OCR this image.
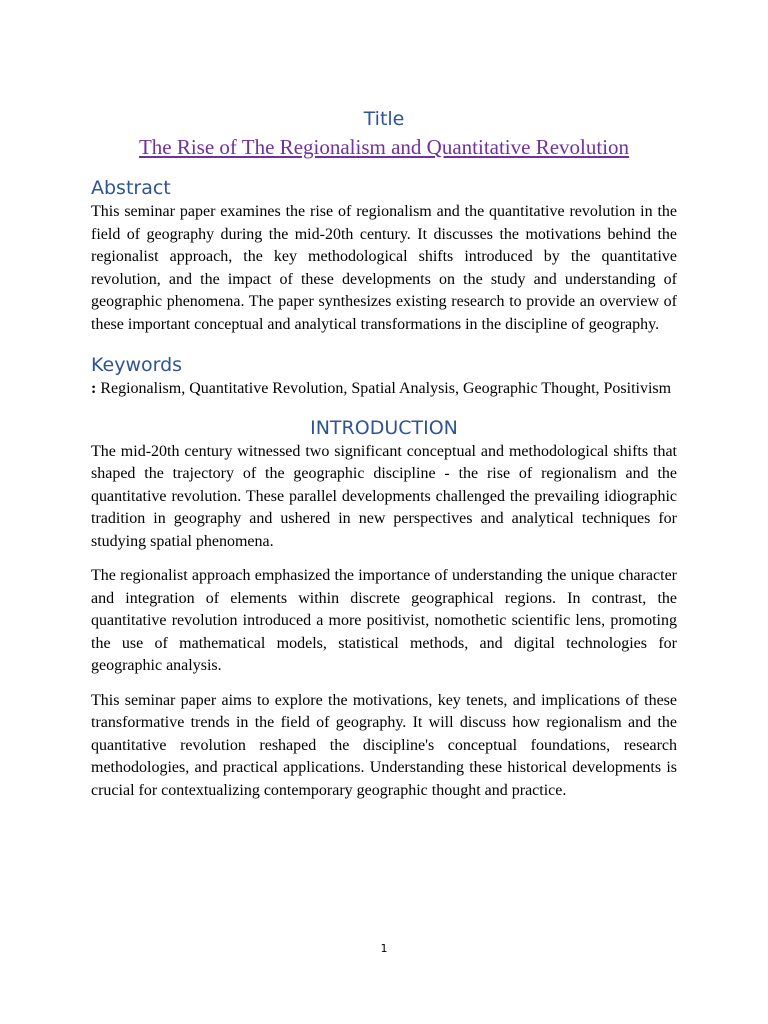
Title
The Rise of The Regionalism and Quantitative Revolution
Abstract

This seminar paper examines the rise of regionalism and the quantitative revolution in the field of geography during the mid-20th century. It discusses the motivations behind the regionalist approach, the key methodological shifts introduced by the quantitative revolution, and the impact of these developments on the study and understanding of geographic phenomena. The paper synthesizes existing research to provide an overview of these important conceptual and analytical transformations in the discipline of geography.

Keywords

: Regionalism, Quantitative Revolution, Spatial Analysis, Geographic Thought, Positivism

INTRODUCTION

The mid-20th century witnessed two significant conceptual and methodological shifts that shaped the trajectory of the geographic discipline - the rise of regionalism and the quantitative revolution. These parallel developments challenged the prevailing idiographic tradition in geography and ushered in new perspectives and analytical techniques for studying spatial phenomena.

The regionalist approach emphasized the importance of understanding the unique character and integration of elements within discrete geographical regions. In contrast, the quantitative revolution introduced a more positivist, nomothetic scientific lens, promoting the use of mathematical models, statistical methods, and digital technologies for geographic analysis.

This seminar paper aims to explore the motivations, key tenets, and implications of these transformative trends in the field of geography. It will discuss how regionalism and the quantitative revolution reshaped the discipline's conceptual foundations, research methodologies, and practical applications. Understanding these historical developments is crucial for contextualizing contemporary geographic thought and practice.

1
